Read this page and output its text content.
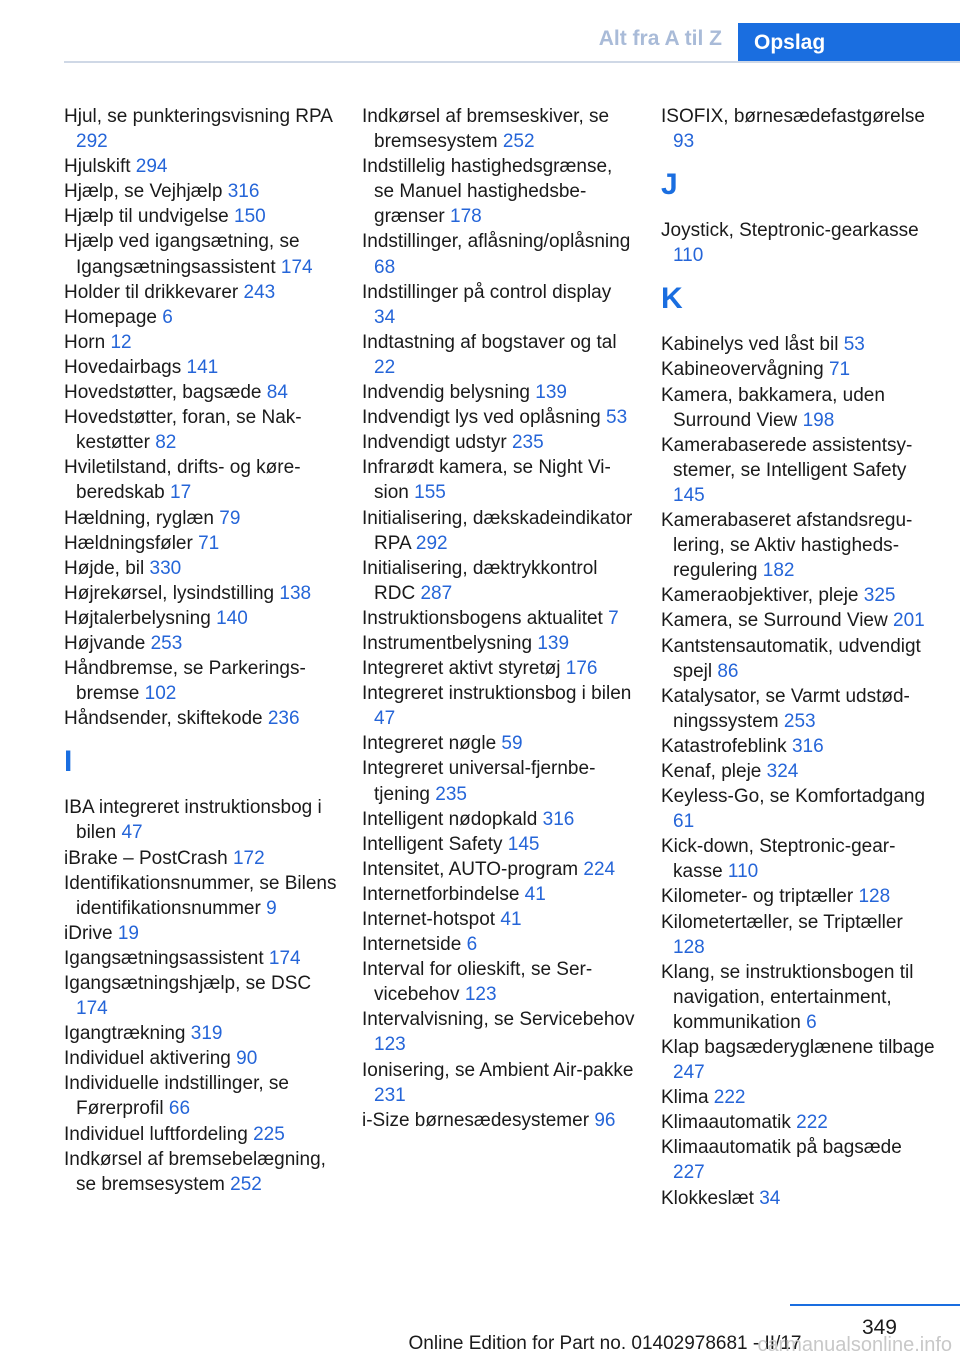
Alt fra A til Z Opslag
Hjul, se punkteringsvisning RPA 292
Hjulskift 294
Hjælp, se Vejhjælp 316
Hjælp til undvigelse 150
Hjælp ved igangsætning, se Igangsætningsassistent 174
Holder til drikkevarer 243
Homepage 6
Horn 12
Hovedairbags 141
Hovedstøtter, bagsæde 84
Hovedstøtter, foran, se Nakkestøtter 82
Hviletilstand, drifts- og køreberedskab 17
Hældning, ryglæn 79
Hældningsføler 71
Højde, bil 330
Højrekørsel, lysindstilling 138
Højtalerbelysning 140
Højvande 253
Håndbremse, se Parkeringsbremse 102
Håndsender, skiftekode 236
I
IBA integreret instruktionsbog i bilen 47
iBrake – PostCrash 172
Identifikationsnummer, se Bilens identifikationsnummer 9
iDrive 19
Igangsætningsassistent 174
Igangsætningshjælp, se DSC 174
Igangtrækning 319
Individuel aktivering 90
Individuelle indstillinger, se Førerprofil 66
Individuel luftfordeling 225
Indkørsel af bremsebelægning, se bremsesystem 252
Indkørsel af bremseskiver, se bremsesystem 252
Indstillelig hastighedsgrænse, se Manuel hastighedsbegrænser 178
Indstillinger, aflåsning/oplåsning 68
Indstillinger på control display 34
Indtastning af bogstaver og tal 22
Indvendig belysning 139
Indvendigt lys ved oplåsning 53
Indvendigt udstyr 235
Infrarødt kamera, se Night Vision 155
Initialisering, dækskadeindikator RPA 292
Initialisering, dæktrykkontrol RDC 287
Instruktionsbogens aktualitet 7
Instrumentbelysning 139
Integreret aktivt styretøj 176
Integreret instruktionsbog i bilen 47
Integreret nøgle 59
Integreret universal-fjernbetjening 235
Intelligent nødopkald 316
Intelligent Safety 145
Intensitet, AUTO-program 224
Internetforbindelse 41
Internet-hotspot 41
Internetside 6
Interval for olieskift, se Servicebehov 123
Intervalvisning, se Servicebehov 123
Ionisering, se Ambient Air-pakke 231
i-Size børnesædesystemer 96
ISOFIX, børnesædefastgørelse 93
J
Joystick, Steptronic-gearkasse 110
K
Kabinelys ved låst bil 53
Kabineovervågning 71
Kamera, bakkamera, uden Surround View 198
Kamerabaserede assistentsystemer, se Intelligent Safety 145
Kamerabaseret afstandsregulering, se Aktiv hastighedsregulering 182
Kameraobjektiver, pleje 325
Kamera, se Surround View 201
Kantstensautomatik, udvendigt spejl 86
Katalysator, se Varmt udstødningssystem 253
Katastrofeblink 316
Kenaf, pleje 324
Keyless-Go, se Komfortadgang 61
Kick-down, Steptronic-gearkasse 110
Kilometer- og triptæller 128
Kilometertæller, se Triptæller 128
Klang, se instruktionsbogen til navigation, entertainment, kommunikation 6
Klap bagsæderyglænene tilbage 247
Klima 222
Klimaautomatik 222
Klimaautomatik på bagsæde 227
Klokkeslæt 34
349
Online Edition for Part no. 01402978681 - II/17
carmanualsonline.info
